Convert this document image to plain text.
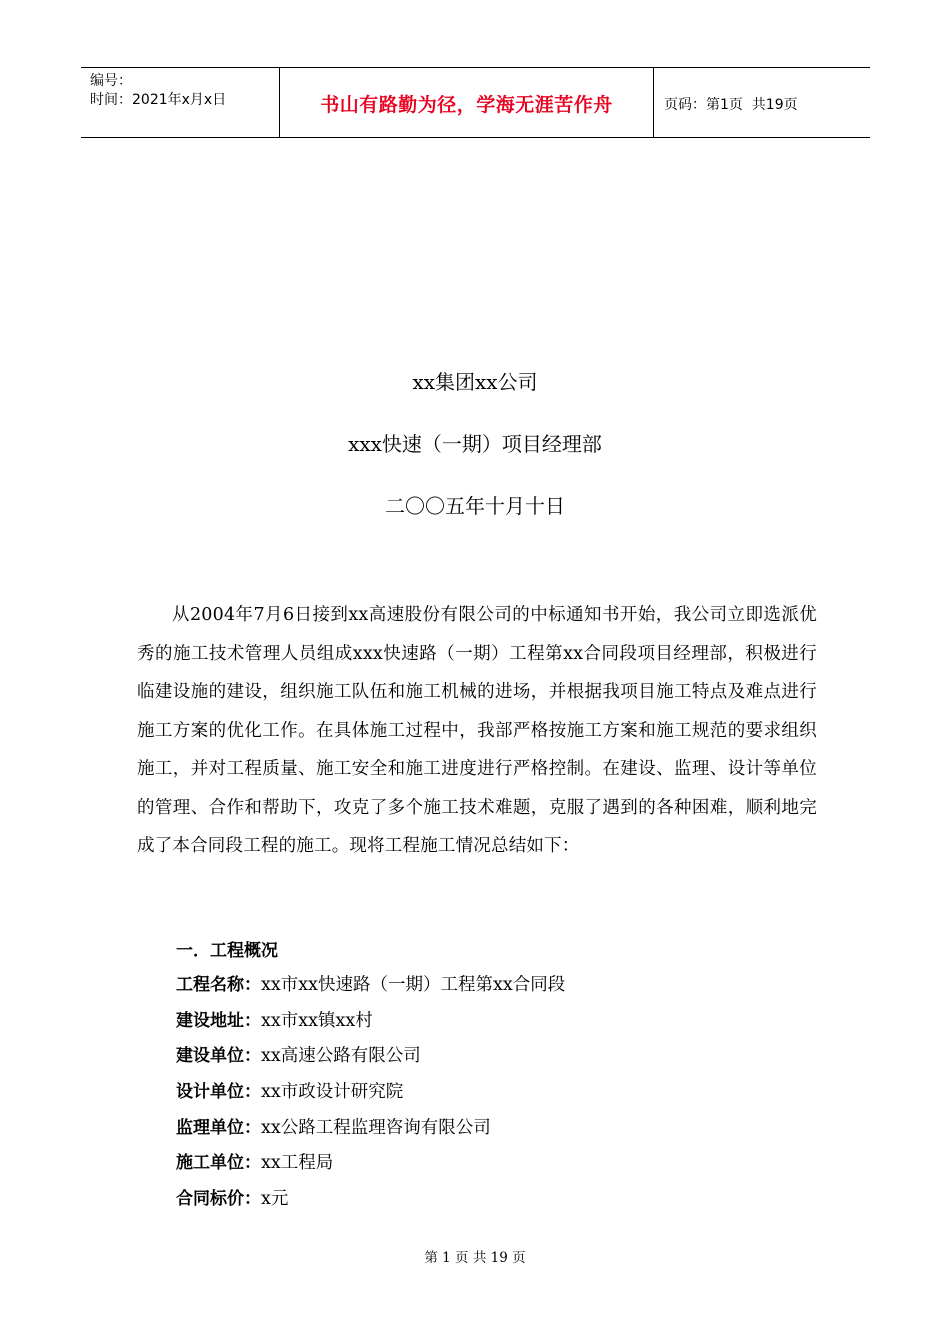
编号：
时间：2021年x月x日	书山有路勤为径，学海无涯苦作舟	页码：第1页  共19页
xx集团xx公司
xxx快速（一期）项目经理部
二〇〇五年十月十日
从2004年7月6日接到xx高速股份有限公司的中标通知书开始，我公司立即选派优秀的施工技术管理人员组成xxx快速路（一期）工程第xx合同段项目经理部，积极进行临建设施的建设，组织施工队伍和施工机械的进场，并根据我项目施工特点及难点进行施工方案的优化工作。在具体施工过程中，我部严格按施工方案和施工规范的要求组织施工，并对工程质量、施工安全和施工进度进行严格控制。在建设、监理、设计等单位的管理、合作和帮助下，攻克了多个施工技术难题，克服了遇到的各种困难，顺利地完成了本合同段工程的施工。现将工程施工情况总结如下：
一．工程概况
工程名称：xx市xx快速路（一期）工程第xx合同段
建设地址：xx市xx镇xx村
建设单位：xx高速公路有限公司
设计单位：xx市政设计研究院
监理单位：xx公路工程监理咨询有限公司
施工单位：xx工程局
合同标价：x元
第 1 页 共 19 页
